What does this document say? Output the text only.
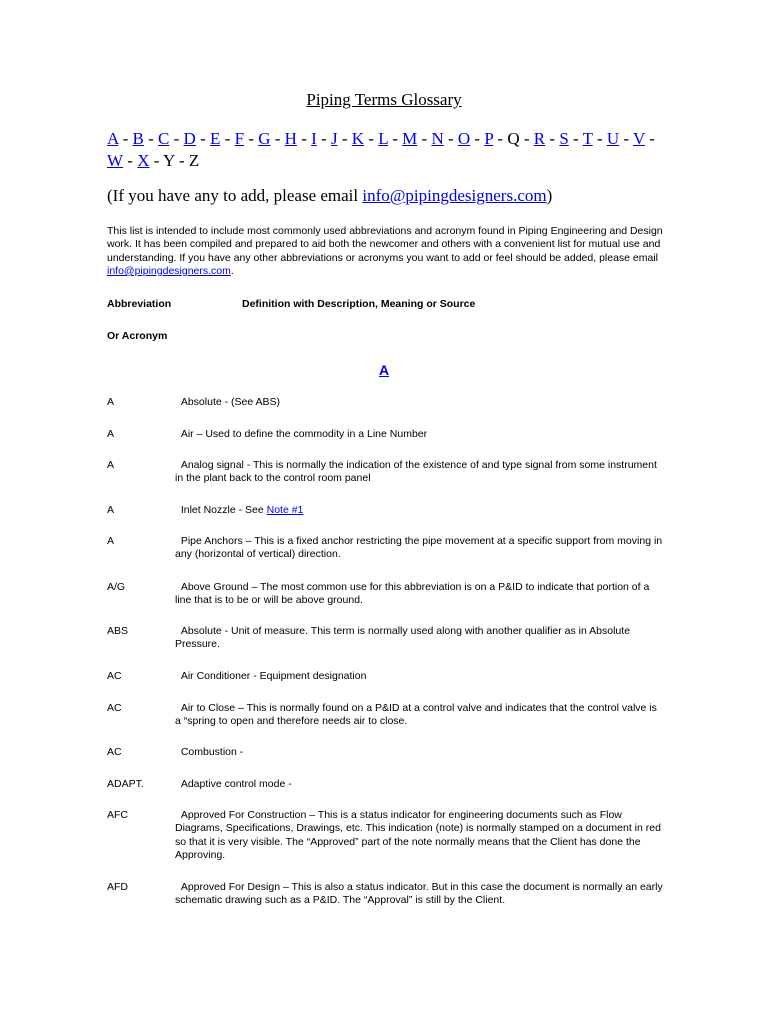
Piping Terms Glossary
A - B - C - D - E - F - G - H - I - J - K - L - M - N - O - P - Q - R - S - T - U - V - W - X - Y - Z
(If you have any to add, please email info@pipingdesigners.com)
This list is intended to include most commonly used abbreviations and acronym found in Piping Engineering and Design work. It has been compiled and prepared to aid both the newcomer and others with a convenient list for mutual use and understanding. If you have any other abbreviations or acronyms you want to add or feel should be added, please email info@pipingdesigners.com.
Abbreviation	Definition with Description, Meaning or Source
Or Acronym
A
A	Absolute - (See ABS)
A	Air – Used to define the commodity in a Line Number
A	Analog signal - This is normally the indication of the existence of and type signal from some instrument in the plant back to the control room panel
A	Inlet Nozzle - See Note #1
A	Pipe Anchors – This is a fixed anchor restricting the pipe movement at a specific support from moving in any (horizontal of vertical) direction.
A/G	Above Ground – The most common use for this abbreviation is on a P&ID to indicate that portion of a line that is to be or will be above ground.
ABS	Absolute - Unit of measure. This term is normally used along with another qualifier as in Absolute Pressure.
AC	Air Conditioner - Equipment designation
AC	Air to Close – This is normally found on a P&ID at a control valve and indicates that the control valve is a “spring to open and therefore needs air to close.
AC	Combustion -
ADAPT.	Adaptive control mode -
AFC	Approved For Construction – This is a status indicator for engineering documents such as Flow Diagrams, Specifications, Drawings, etc. This indication (note) is normally stamped on a document in red so that it is very visible. The “Approved” part of the note normally means that the Client has done the Approving.
AFD	Approved For Design – This is also a status indicator. But in this case the document is normally an early schematic drawing such as a P&ID. The “Approval” is still by the Client.
